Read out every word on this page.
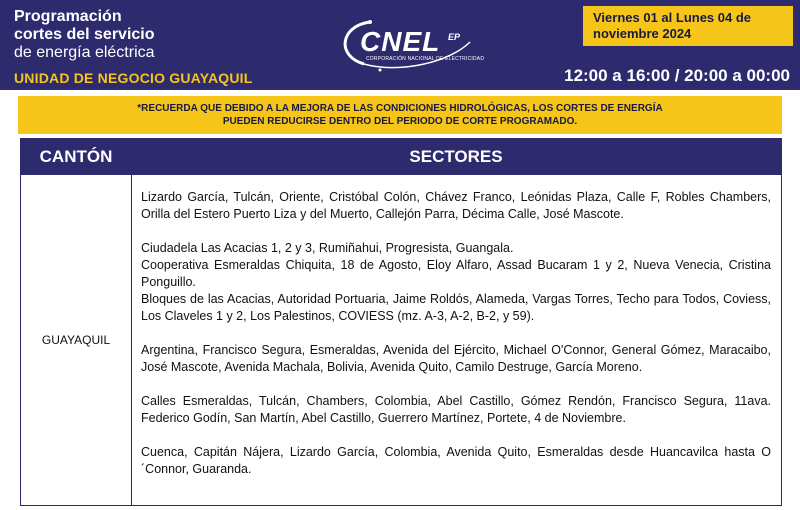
Programación
cortes del servicio
de energía eléctrica
UNIDAD DE NEGOCIO GUAYAQUIL
CNEL EP
CORPORACIÓN NACIONAL DE ELECTRICIDAD
Viernes 01 al Lunes 04 de
noviembre 2024
12:00 a 16:00 / 20:00 a 00:00
*RECUERDA QUE DEBIDO A LA MEJORA DE LAS CONDICIONES HIDROLÓGICAS, LOS CORTES DE ENERGÍA
PUEDEN REDUCIRSE DENTRO DEL PERIODO DE CORTE PROGRAMADO.
CANTÓN	SECTORES
GUAYAQUIL

Lizardo García, Tulcán, Oriente, Cristóbal Colón, Chávez Franco, Leónidas Plaza, Calle F, Robles Chambers, Orilla del Estero Puerto Liza y del Muerto, Callejón Parra, Décima Calle, José Mascote.

Ciudadela Las Acacias 1, 2 y 3, Rumiñahui, Progresista, Guangala.

Cooperativa Esmeraldas Chiquita, 18 de Agosto, Eloy Alfaro, Assad Bucaram 1 y 2, Nueva Venecia, Cristina Ponguillo.

Bloques de las Acacias, Autoridad Portuaria, Jaime Roldós, Alameda, Vargas Torres, Techo para Todos, Coviess, Los Claveles 1 y 2, Los Palestinos, COVIESS (mz. A-3, A-2, B-2, y 59).

Argentina, Francisco Segura, Esmeraldas, Avenida del Ejército, Michael O'Connor, General Gómez, Maracaibo, José Mascote, Avenida Machala, Bolivia, Avenida Quito, Camilo Destruge, García Moreno.

Calles Esmeraldas, Tulcán, Chambers, Colombia, Abel Castillo, Gómez Rendón, Francisco Segura, 11ava. Federico Godín, San Martín, Abel Castillo, Guerrero Martínez, Portete, 4 de Noviembre.

Cuenca, Capitán Nájera, Lizardo García, Colombia, Avenida Quito, Esmeraldas desde Huancavilca hasta O´Connor, Guaranda.
